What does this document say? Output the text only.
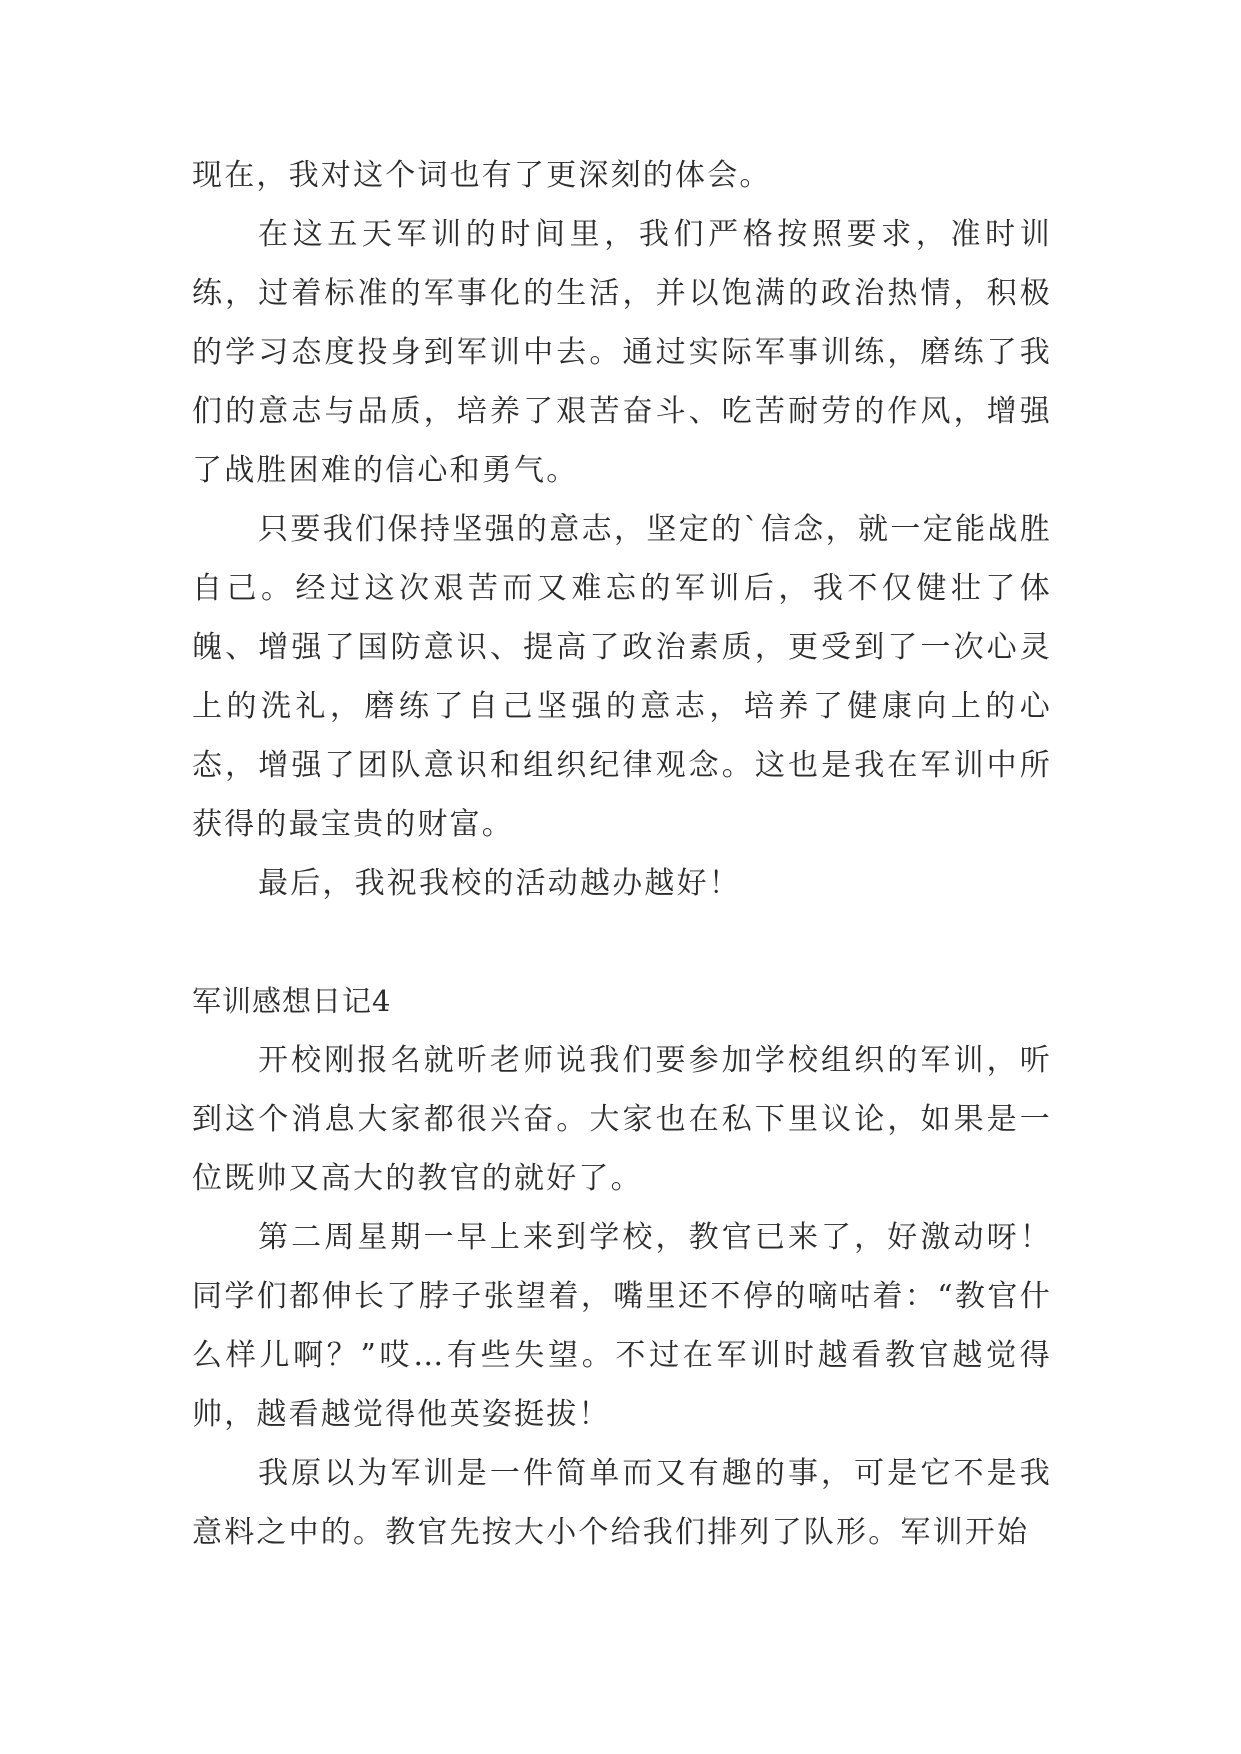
现在，我对这个词也有了更深刻的体会。

在这五天军训的时间里，我们严格按照要求，准时训练，过着标准的军事化的生活，并以饱满的政治热情，积极的学习态度投身到军训中去。通过实际军事训练，磨练了我们的意志与品质，培养了艰苦奋斗、吃苦耐劳的作风，增强了战胜困难的信心和勇气。

只要我们保持坚强的意志，坚定的`信念，就一定能战胜自己。经过这次艰苦而又难忘的军训后，我不仅健壮了体魄、增强了国防意识、提高了政治素质，更受到了一次心灵上的洗礼，磨练了自己坚强的意志，培养了健康向上的心态，增强了团队意识和组织纪律观念。这也是我在军训中所获得的最宝贵的财富。

最后，我祝我校的活动越办越好！

军训感想日记4

开校刚报名就听老师说我们要参加学校组织的军训，听到这个消息大家都很兴奋。大家也在私下里议论，如果是一位既帅又高大的教官的就好了。

第二周星期一早上来到学校，教官已来了，好激动呀！同学们都伸长了脖子张望着，嘴里还不停的嘀咕着：“教官什么样儿啊？”哎…有些失望。不过在军训时越看教官越觉得帅，越看越觉得他英姿挺拔！

我原以为军训是一件简单而又有趣的事，可是它不是我意料之中的。教官先按大小个给我们排列了队形。军训开始
